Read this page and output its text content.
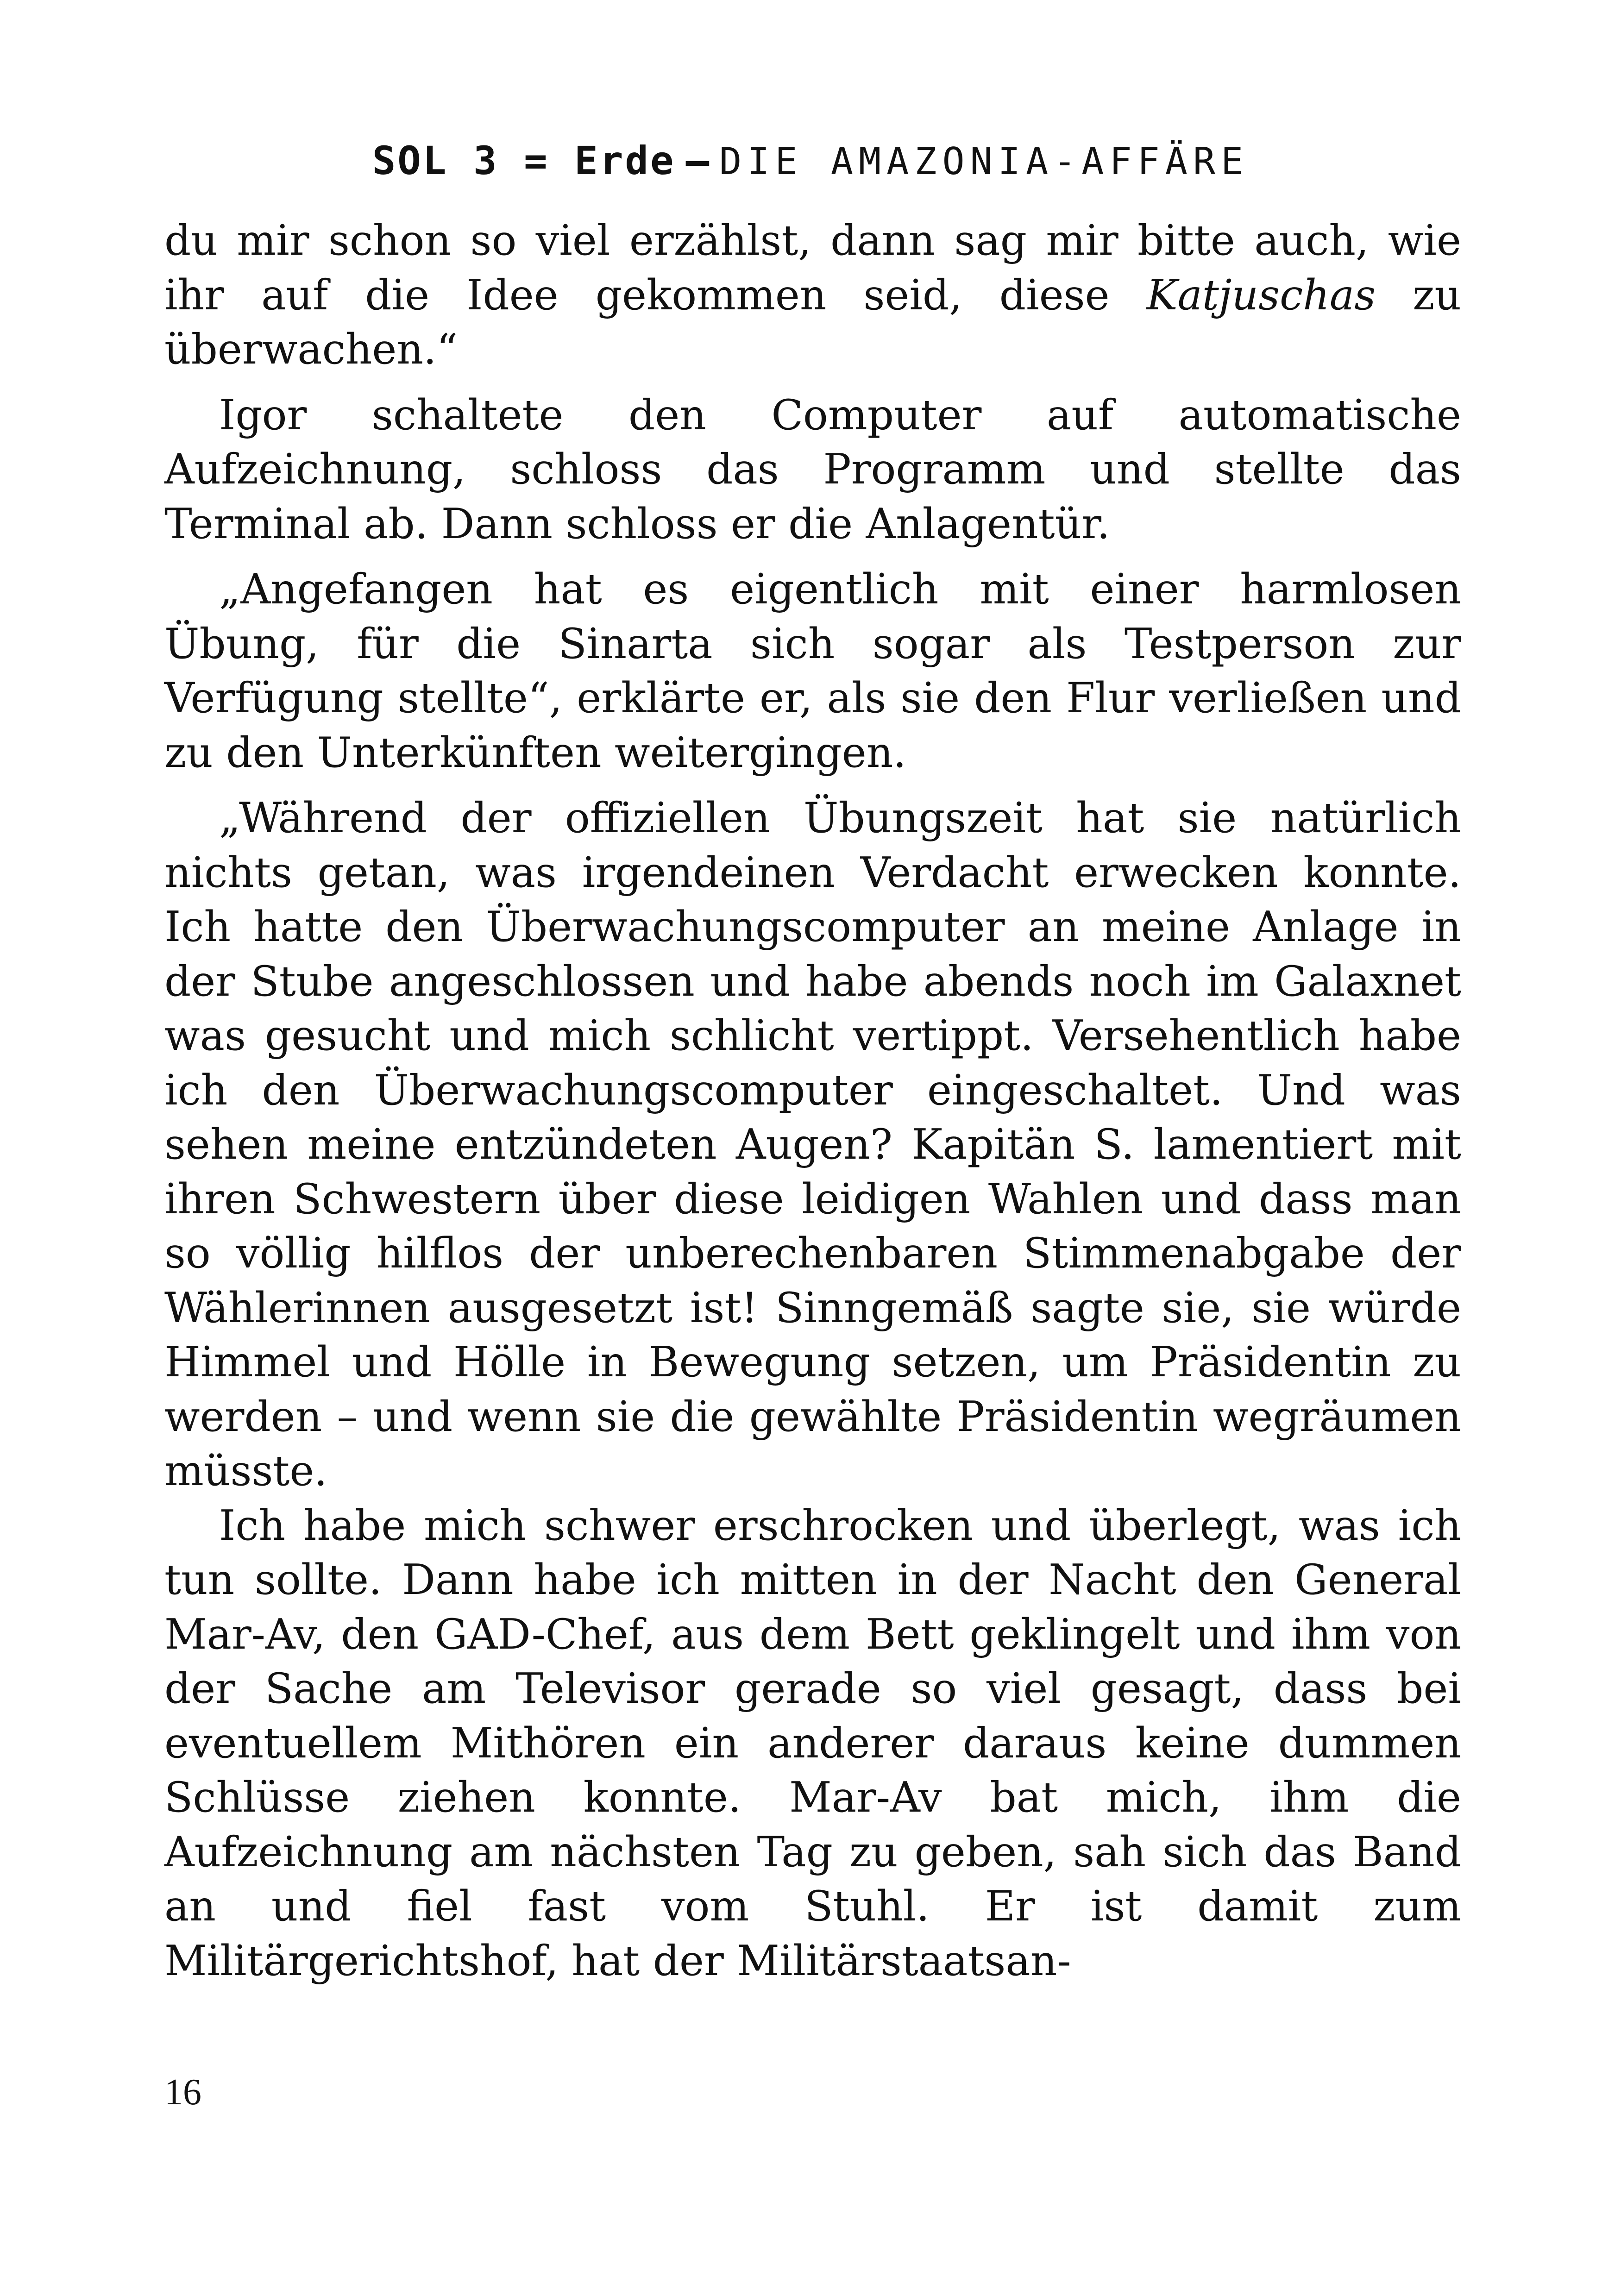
SOL 3 = Erde – DIE AMAZONIA-AFFÄRE

du mir schon so viel erzählst, dann sag mir bitte auch, wie ihr auf die Idee gekommen seid, diese Katjuschas zu überwachen.“

Igor schaltete den Computer auf automatische Aufzeichnung, schloss das Programm und stellte das Terminal ab. Dann schloss er die Anlagentür.

„Angefangen hat es eigentlich mit einer harmlosen Übung, für die Sinarta sich sogar als Testperson zur Verfügung stellte“, erklärte er, als sie den Flur verließen und zu den Unterkünften weitergingen.

„Während der offiziellen Übungszeit hat sie natürlich nichts getan, was irgendeinen Verdacht erwecken konnte. Ich hatte den Überwachungscomputer an meine Anlage in der Stube angeschlossen und habe abends noch im Galaxnet was gesucht und mich schlicht vertippt. Versehentlich habe ich den Überwachungscomputer eingeschaltet. Und was sehen meine entzündeten Augen? Kapitän S. lamentiert mit ihren Schwestern über diese leidigen Wahlen und dass man so völlig hilflos der unberechenbaren Stimmenabgabe der Wählerinnen ausgesetzt ist! Sinngemäß sagte sie, sie würde Himmel und Hölle in Bewegung setzen, um Präsidentin zu werden – und wenn sie die gewählte Präsidentin wegräumen müsste.

Ich habe mich schwer erschrocken und überlegt, was ich tun sollte. Dann habe ich mitten in der Nacht den General Mar-Av, den GAD-Chef, aus dem Bett geklingelt und ihm von der Sache am Televisor gerade so viel gesagt, dass bei eventuellem Mithören ein anderer daraus keine dummen Schlüsse ziehen konnte. Mar-Av bat mich, ihm die Aufzeichnung am nächsten Tag zu geben, sah sich das Band an und fiel fast vom Stuhl. Er ist damit zum Militärgerichtshof, hat der Militärstaatsan-

16
